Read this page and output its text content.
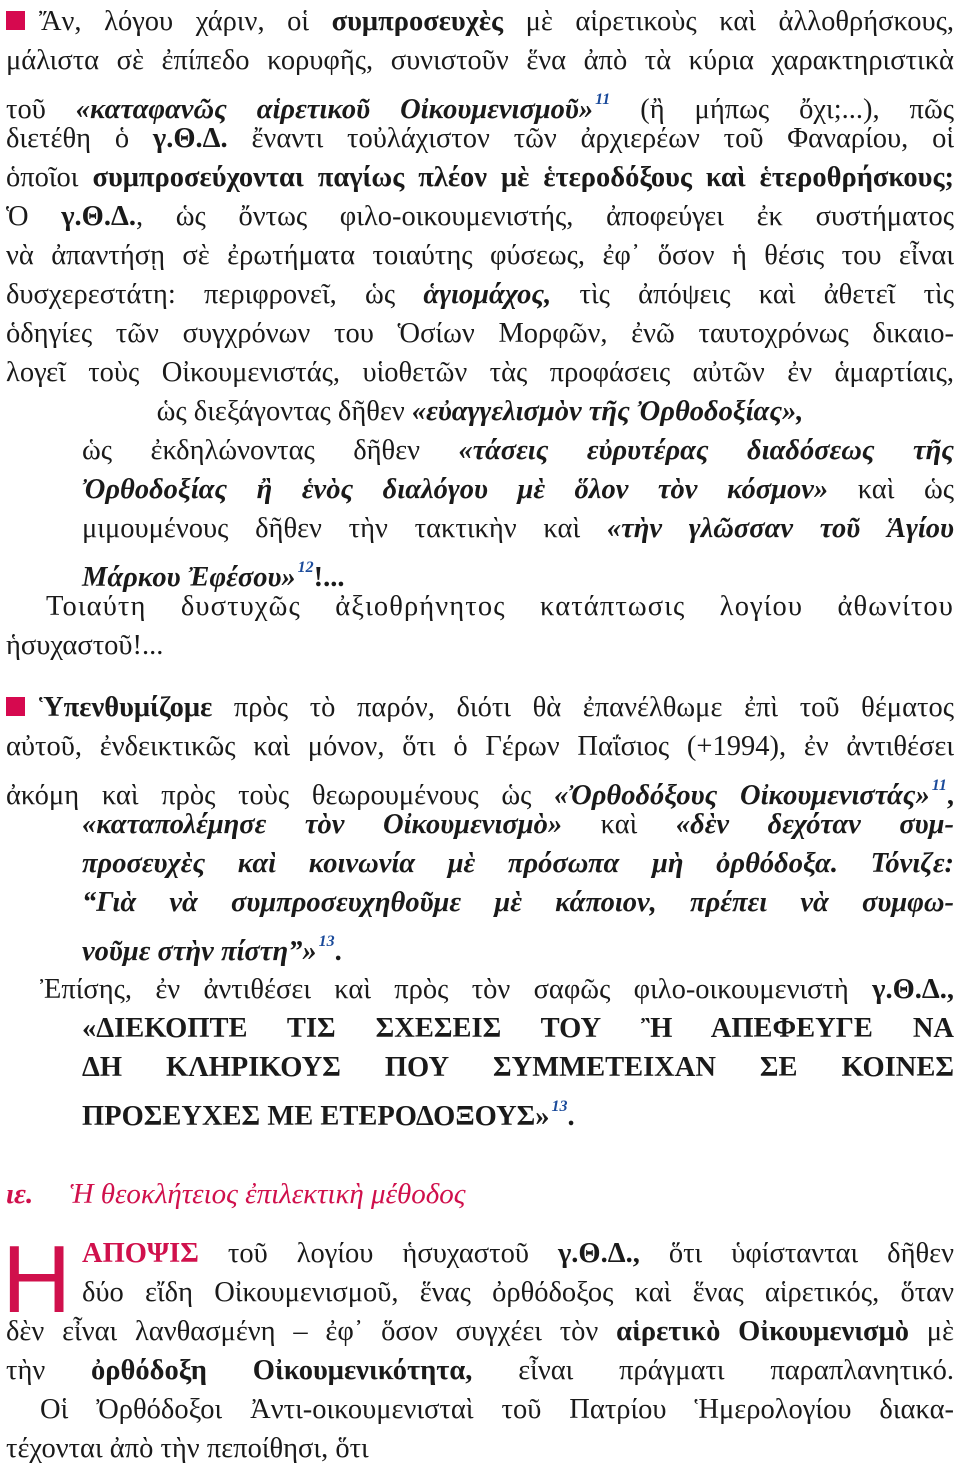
Ἄν, λόγου χάριν, οἱ συμπροσευχὲς μὲ αἱρετικοὺς καὶ ἀλλοθρήσκους,
μάλιστα σὲ ἐπίπεδο κορυφῆς, συνιστοῦν ἕνα ἀπὸ τὰ κύρια χαρακτηριστικὰ
τοῦ «καταφανῶς αἱρετικοῦ Οἰκουμενισμοῦ» $^{11}$ (ἢ μήπως ὄχι;...), πῶς
διετέθη ὁ γ.Θ.Δ. ἔναντι τοὐλάχιστον τῶν ἀρχιερέων τοῦ Φαναρίου, οἱ
ὁποῖοι συμπροσεύχονται παγίως πλέον μὲ ἑτεροδόξους καὶ ἑτεροθρήσκους;
Ὁ γ.Θ.Δ., ὡς ὄντως φιλο-οικουμενιστής, ἀποφεύγει ἐκ συστήματος
νὰ ἀπαντήσῃ σὲ ἐρωτήματα τοιαύτης φύσεως, ἐφ᾽ ὅσον ἡ θέσις του εἶναι
δυσχερεστάτη: περιφρονεῖ, ὡς ἁγιομάχος, τὶς ἀπόψεις καὶ ἀθετεῖ τὶς
ὁδηγίες τῶν συγχρόνων του Ὁσίων Μορφῶν, ἐνῶ ταυτοχρόνως δικαιο-
λογεῖ τοὺς Οἰκουμενιστάς, υἱοθετῶν τὰς προφάσεις αὐτῶν ἐν ἁμαρτίαις,
ὡς διεξάγοντας δῆθεν «εὐαγγελισμὸν τῆς Ὀρθοδοξίας»,
ὡς ἐκδηλώνοντας δῆθεν «τάσεις εὐρυτέρας διαδόσεως τῆς
Ὀρθοδοξίας ἢ ἑνὸς διαλόγου μὲ ὅλον τὸν κόσμον» καὶ ὡς
μιμουμένους δῆθεν τὴν τακτικὴν καὶ «τὴν γλῶσσαν τοῦ Ἁγίου
Μάρκου Ἐφέσου» $^{12}$!...
Τοιαύτη δυστυχῶς ἀξιοθρήνητος κατάπτωσις λογίου ἀθωνίτου
ἡσυχαστοῦ!...
Ὑπενθυμίζομε πρὸς τὸ παρόν, διότι θὰ ἐπανέλθωμε ἐπὶ τοῦ θέματος
αὐτοῦ, ἐνδεικτικῶς καὶ μόνον, ὅτι ὁ Γέρων Παΐσιος (+1994), ἐν ἀντιθέσει
ἀκόμη καὶ πρὸς τοὺς θεωρουμένους ὡς «Ὀρθοδόξους Οἰκουμενιστάς» $^{11}$,
«καταπολέμησε τὸν Οἰκουμενισμὸ» καὶ «δὲν δεχόταν συμ-
προσευχὲς καὶ κοινωνία μὲ πρόσωπα μὴ ὀρθόδοξα. Τόνιζε:
“Γιὰ νὰ συμπροσευχηθοῦμε μὲ κάποιον, πρέπει νὰ συμφω-
νοῦμε στὴν πίστη”» $^{13}$.
Ἐπίσης, ἐν ἀντιθέσει καὶ πρὸς τὸν σαφῶς φιλο-οικουμενιστὴ γ.Θ.Δ.,
«ΔΙΕΚΟΠΤΕ ΤΙΣ ΣΧΕΣΕΙΣ ΤΟΥ Ἢ ΑΠΕΦΕΥΓΕ ΝΑ
ΔΗ ΚΛΗΡΙΚΟΥΣ ΠΟΥ ΣΥΜΜΕΤΕΙΧΑΝ ΣΕ ΚΟΙΝΕΣ
ΠΡΟΣΕΥΧΕΣ ΜΕ ΕΤΕΡΟΔΟΞΟΥΣ» $^{13}$.
ιε. Ἡ θεοκλήτειος ἐπιλεκτικὴ μέθοδος
Η ΑΠΟΨΙΣ τοῦ λογίου ἡσυχαστοῦ γ.Θ.Δ., ὅτι ὑφίστανται δῆθεν
δύο εἴδη Οἰκουμενισμοῦ, ἕνας ὀρθόδοξος καὶ ἕνας αἱρετικός, ὅταν
δὲν εἶναι λανθασμένη – ἐφ᾽ ὅσον συγχέει τὸν αἱρετικὸ Οἰκουμενισμὸ μὲ
τὴν ὀρθόδοξη Οἰκουμενικότητα, εἶναι πράγματι παραπλανητικό.
Οἱ Ὀρθόδοξοι Ἀντι-οικουμενισταὶ τοῦ Πατρίου Ἡμερολογίου διακα-
τέχονται ἀπὸ τὴν πεποίθησι, ὅτι
